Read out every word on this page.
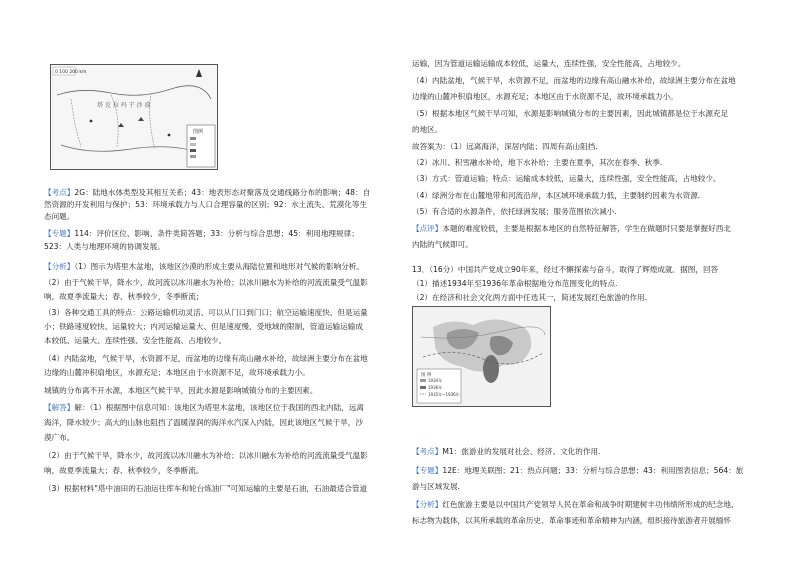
0 100 200 km
塔 克 拉 玛 干 沙 漠
图例
【考点】2G：陆地水体类型及其相互关系；43：地表形态对聚落及交通线路分布的影响；48：自
然资源的开发利用与保护；53：环境承载力与人口合理容量的区别；92：水土流失、荒漠化等生
态问题。
【专题】114：评价区位、影响、条件类简答题；33：分析与综合思想；45：利用地理规律；
523：人类与地理环境的协调发展。
【分析】（1）图示为塔里木盆地，该地区沙漠的形成主要从海陆位置和地形对气候的影响分析。
（2）由于气候干旱，降水少，故河流以冰川融水为补给；以冰川融水为补给的河流流量受气温影
响，故夏季流量大；春、秋季较少，冬季断流；
（3）各种交通工具的特点：公路运输机动灵活、可以从门口到门口；航空运输速度快、但是运量
小；铁路速度较快、运量较大；内河运输运量大、但是速度慢、受地域的限制，管道运输运输成
本较低、运量大、连续性强、安全性能高、占地较少。
（4）内陆盆地，气候干旱，水资源不足，而盆地的边缘有高山融水补给，故绿洲主要分布在盆地
边缘的山麓冲积扇地区，水源充足；本地区由于水资源不足，故环境承载力小。
城镇的分布离不开水源，本地区气候干旱，因此水源是影响城镇分布的主要因素。
【解答】解：（1）根据图中信息可知：该地区为塔里木盆地，该地区位于我国的西北内陆，远离
海洋，降水较少；高大的山脉也阻挡了温暖湿润的海洋水汽深入内陆，因此该地区气候干旱，沙
漠广布。
（2）由于气候干旱，降水少，故河流以冰川融水为补给；以冰川融水为补给的河流流量受气温影
响，故夏季流量大；春、秋季较少，冬季断流。
（3）根据材料"塔中油田的石油运往库车和轮台炼油厂"可知运输的主要是石油，石油最适合管道
运输，因为管道运输运输成本较低，运量大，连续性强，安全性能高，占地较少。
（4）内陆盆地，气候干旱，水资源不足，而盆地的边缘有高山融水补给，故绿洲主要分布在盆地
边缘的山麓冲积扇地区，水源充足；本地区由于水资源不足，故环境承载力小。
（5）根据本地区气候干旱可知，水源是影响城镇分布的主要因素，因此城镇都是位于水源充足
的地区。
故答案为：（1）远离海洋，深居内陆；四周有高山阻挡.
（2）冰川、积雪融水补给，地下水补给；主要在夏季，其次在春季、秋季.
（3）方式：管道运输；特点：运输成本较低，运量大，连续性强，安全性能高，占地较少。
（4）绿洲分布在山麓地带和河流沿岸，本区域环境承载力低，主要制约因素为水资源.
（5）有合适的水源条件，依托绿洲发展；服务范围依次减小.
【点评】本题的难度较低，主要是根据本地区的自然特征解答，学生在做题时只要是掌握好西北
内陆的气候即可。
13．（16分）中国共产党成立90年来，经过不懈探索与奋斗，取得了辉煌成就．据图，回答
（1）描述1934年至1936年革命根据地分布范围变化的特点.
（2）在经济和社会文化两方面中任选其一，简述发展红色旅游的作用.
图 例
1934年
1936年
1935年~1936年
【考点】M1：旅游业的发展对社会、经济、文化的作用.
【专题】12E：地理关联图；21：热点问题；33：分析与综合思想；43：利用图表信息；564：旅
游与区域发展.
【分析】红色旅游主要是以中国共产党领导人民在革命和战争时期建树丰功伟绩所形成的纪念地、
标志物为载体，以其所承载的革命历史、革命事迹和革命精神为内涵，组织接待旅游者开展缅怀
